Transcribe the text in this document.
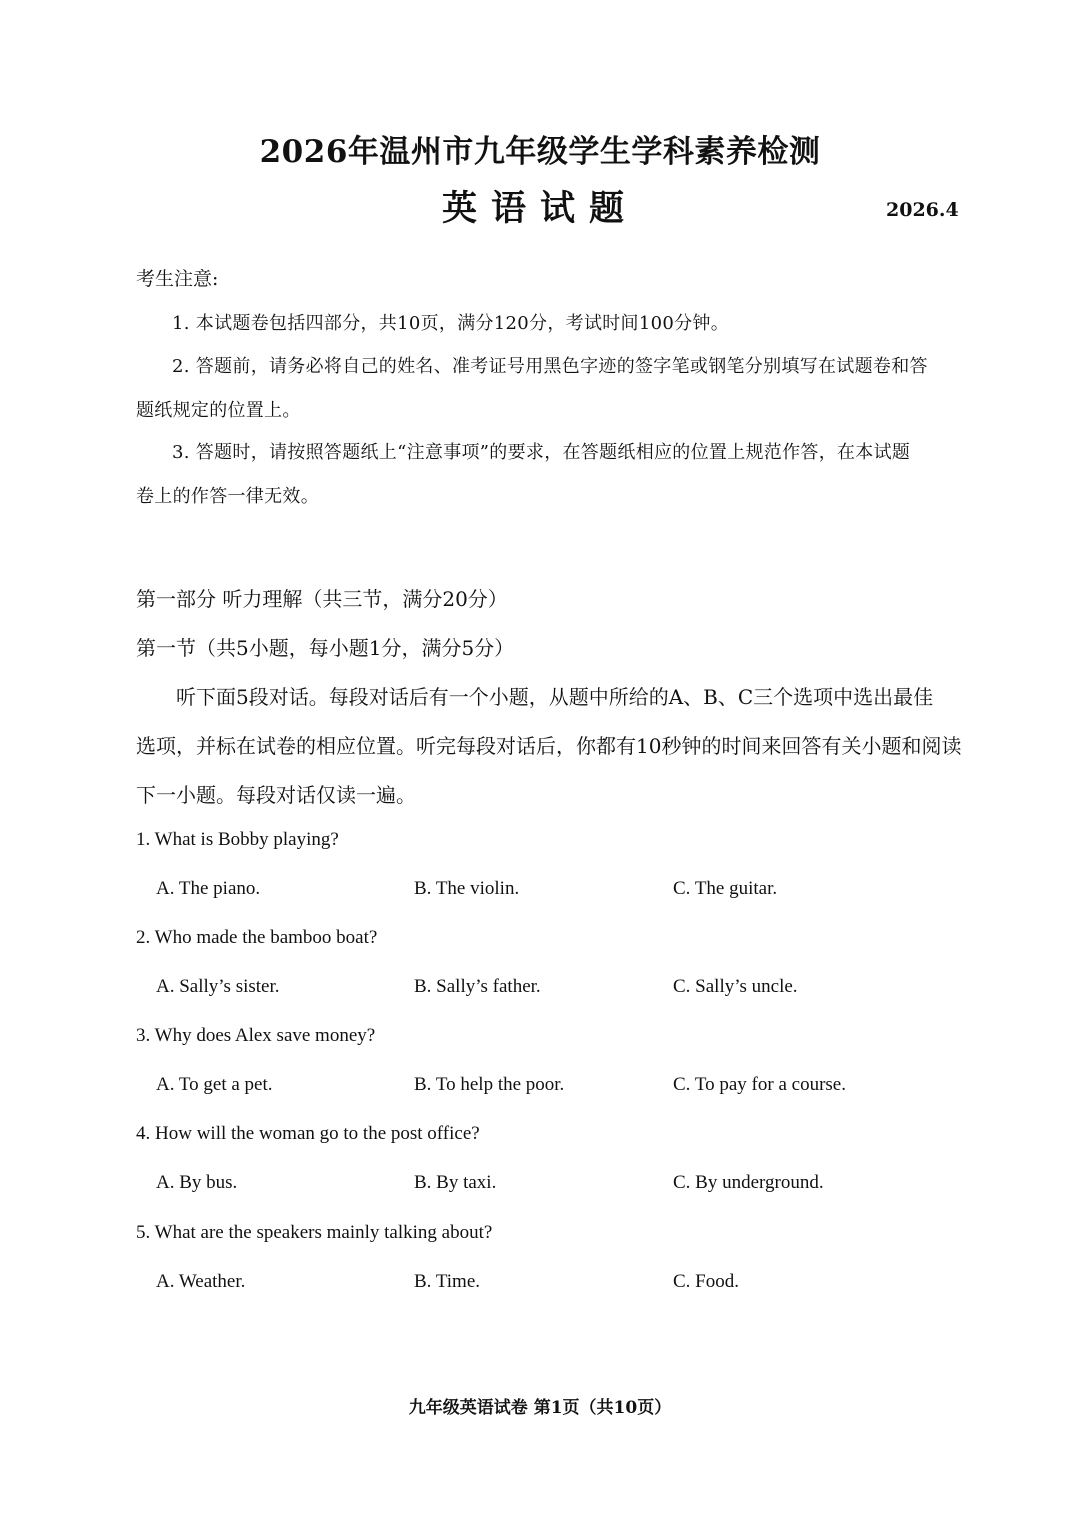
2026年温州市九年级学生学科素养检测
英语试题	2026.4
考生注意:
1. 本试题卷包括四部分，共10页，满分120分，考试时间100分钟。
2. 答题前，请务必将自己的姓名、准考证号用黑色字迹的签字笔或钢笔分别填写在试题卷和答
题纸规定的位置上。
3. 答题时，请按照答题纸上“注意事项”的要求，在答题纸相应的位置上规范作答，在本试题
卷上的作答一律无效。
第一部分 听力理解（共三节，满分20分）
第一节（共5小题，每小题1分，满分5分）
听下面5段对话。每段对话后有一个小题，从题中所给的A、B、C三个选项中选出最佳
选项，并标在试卷的相应位置。听完每段对话后，你都有10秒钟的时间来回答有关小题和阅读
下一小题。每段对话仅读一遍。
1. What is Bobby playing?
A. The piano.	B. The violin.	C. The guitar.
2. Who made the bamboo boat?
A. Sally’s sister.	B. Sally’s father.	C. Sally’s uncle.
3. Why does Alex save money?
A. To get a pet.	B. To help the poor.	C. To pay for a course.
4. How will the woman go to the post office?
A. By bus.	B. By taxi.	C. By underground.
5. What are the speakers mainly talking about?
A. Weather.	B. Time.	C. Food.
九年级英语试卷 第1页（共10页）
